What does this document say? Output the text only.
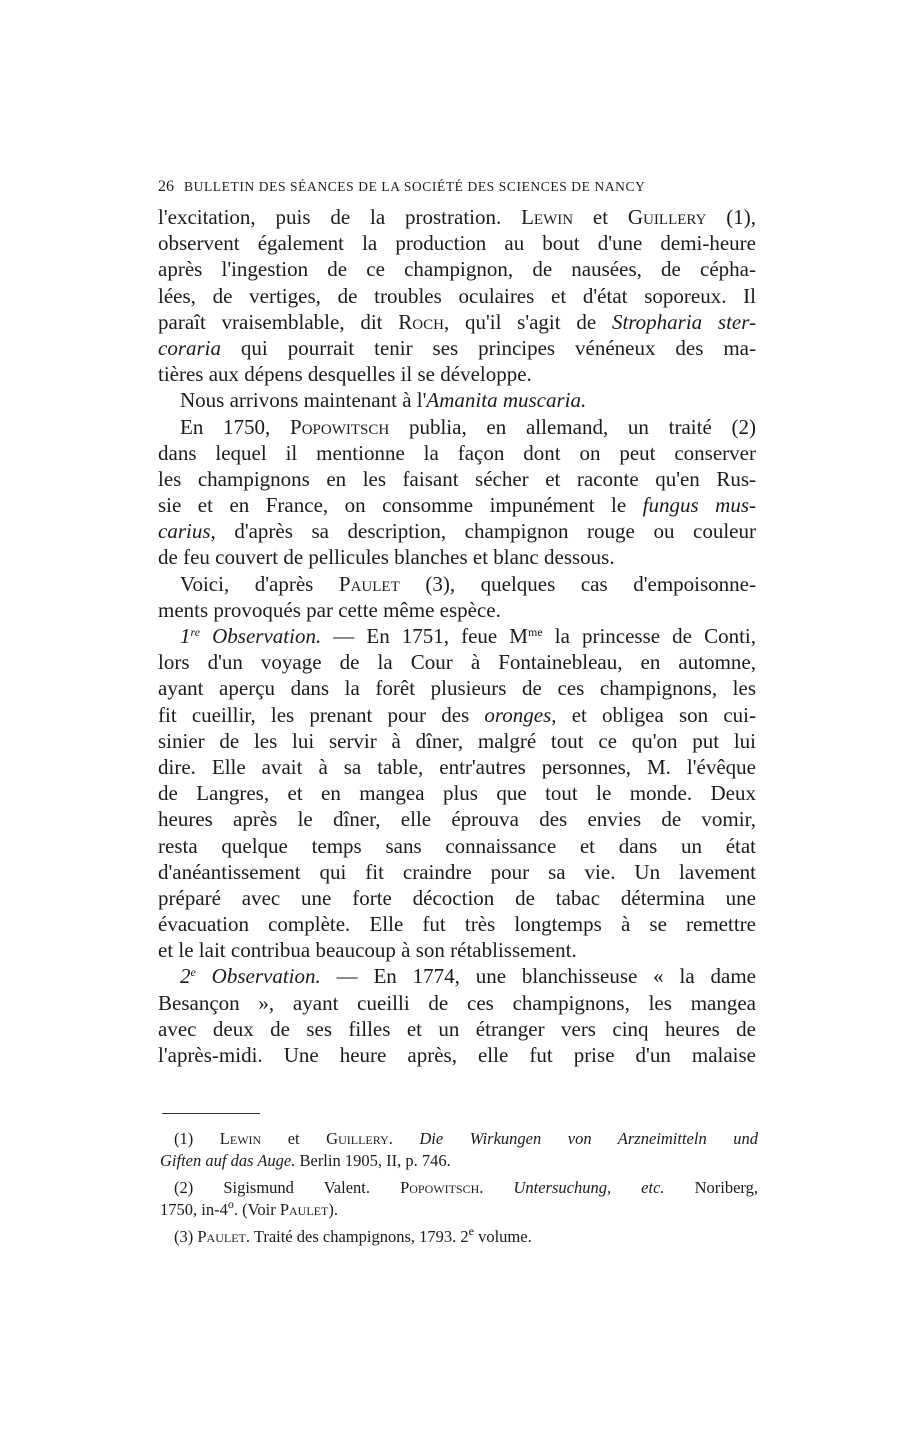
26 BULLETIN DES SÉANCES DE LA SOCIÉTÉ DES SCIENCES DE NANCY
l'excitation, puis de la prostration. Lewin et Guillery (1),
observent également la production au bout d'une demi-heure
après l'ingestion de ce champignon, de nausées, de cépha-
lées, de vertiges, de troubles oculaires et d'état soporeux. Il
paraît vraisemblable, dit Roch, qu'il s'agit de Stropharia ster-
coraria qui pourrait tenir ses principes vénéneux des ma-
tières aux dépens desquelles il se développe.
Nous arrivons maintenant à l'Amanita muscaria.
En 1750, Popowitsch publia, en allemand, un traité (2)
dans lequel il mentionne la façon dont on peut conserver
les champignons en les faisant sécher et raconte qu'en Rus-
sie et en France, on consomme impunément le fungus mus-
carius, d'après sa description, champignon rouge ou couleur
de feu couvert de pellicules blanches et blanc dessous.
Voici, d'après Paulet (3), quelques cas d'empoisonne-
ments provoqués par cette même espèce.
1re Observation. — En 1751, feue $M^{me}$ la princesse de Conti,
lors d'un voyage de la Cour à Fontainebleau, en automne,
ayant aperçu dans la forêt plusieurs de ces champignons, les
fit cueillir, les prenant pour des oronges, et obligea son cui-
sinier de les lui servir à dîner, malgré tout ce qu'on put lui
dire. Elle avait à sa table, entr'autres personnes, M. l'évêque
de Langres, et en mangea plus que tout le monde. Deux
heures après le dîner, elle éprouva des envies de vomir,
resta quelque temps sans connaissance et dans un état
d'anéantissement qui fit craindre pour sa vie. Un lavement
préparé avec une forte décoction de tabac détermina une
évacuation complète. Elle fut très longtemps à se remettre
et le lait contribua beaucoup à son rétablissement.
2e Observation. — En 1774, une blanchisseuse « la dame
Besançon », ayant cueilli de ces champignons, les mangea
avec deux de ses filles et un étranger vers cinq heures de
l'après-midi. Une heure après, elle fut prise d'un malaise
(1) Lewin et Guillery. Die Wirkungen von Arzneimitteln und
Giften auf das Auge. Berlin 1905, II, p. 746.
(2) Sigismund Valent. Popowitsch. Untersuchung, etc. Noriberg,
1750, in-4$^o$. (Voir Paulet).
(3) Paulet. Traité des champignons, 1793. 2e volume.
